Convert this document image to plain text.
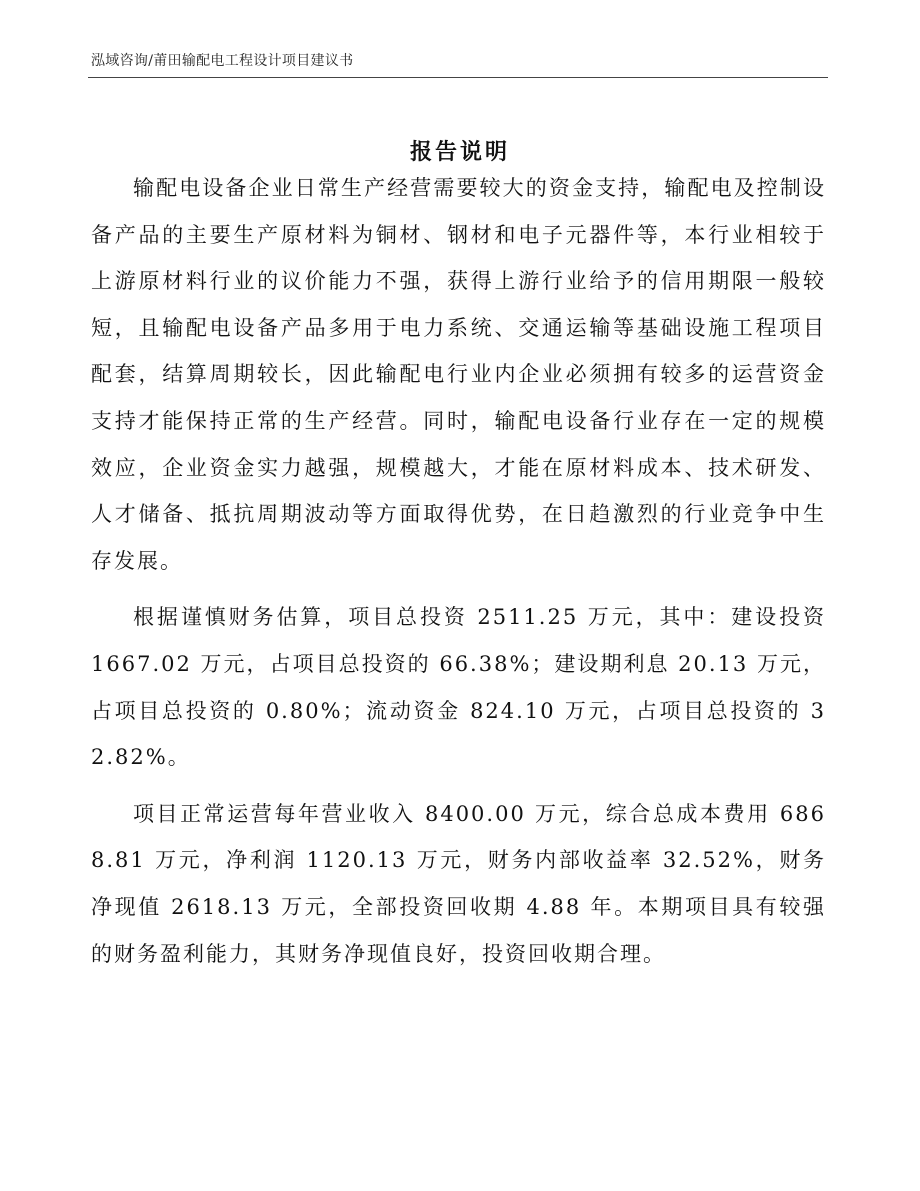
泓域咨询/莆田输配电工程设计项目建议书
报告说明

输配电设备企业日常生产经营需要较大的资金支持，输配电及控制设备产品的主要生产原材料为铜材、钢材和电子元器件等，本行业相较于上游原材料行业的议价能力不强，获得上游行业给予的信用期限一般较短，且输配电设备产品多用于电力系统、交通运输等基础设施工程项目配套，结算周期较长，因此输配电行业内企业必须拥有较多的运营资金支持才能保持正常的生产经营。同时，输配电设备行业存在一定的规模效应，企业资金实力越强，规模越大，才能在原材料成本、技术研发、人才储备、抵抗周期波动等方面取得优势，在日趋激烈的行业竞争中生存发展。

根据谨慎财务估算，项目总投资 2511.25 万元，其中：建设投资 1667.02 万元，占项目总投资的 66.38%；建设期利息 20.13 万元，占项目总投资的 0.80%；流动资金 824.10 万元，占项目总投资的 32.82%。

项目正常运营每年营业收入 8400.00 万元，综合总成本费用 6868.81 万元，净利润 1120.13 万元，财务内部收益率 32.52%，财务净现值 2618.13 万元，全部投资回收期 4.88 年。本期项目具有较强的财务盈利能力，其财务净现值良好，投资回收期合理。
